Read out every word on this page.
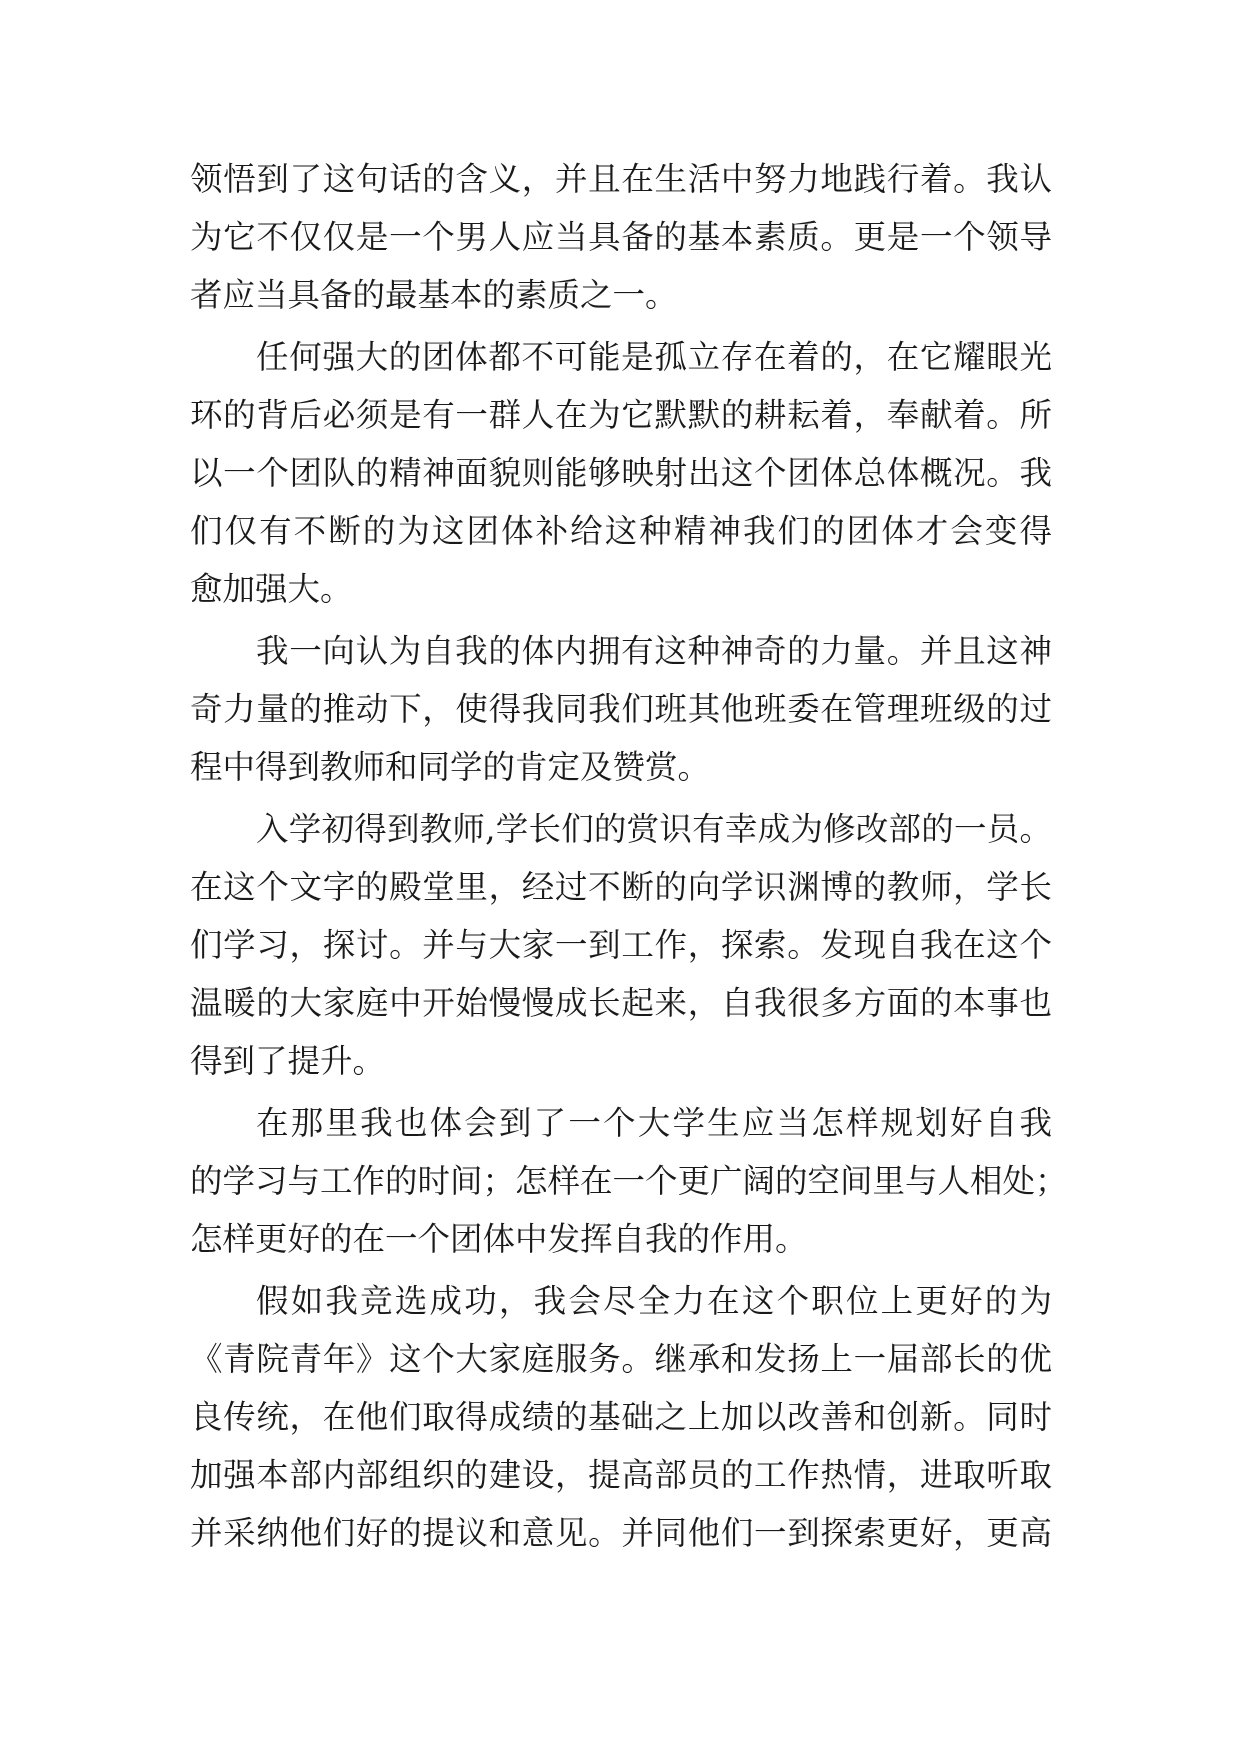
领悟到了这句话的含义，并且在生活中努力地践行着。我认
为它不仅仅是一个男人应当具备的基本素质。更是一个领导
者应当具备的最基本的素质之一。
任何强大的团体都不可能是孤立存在着的，在它耀眼光
环的背后必须是有一群人在为它默默的耕耘着，奉献着。所
以一个团队的精神面貌则能够映射出这个团体总体概况。我
们仅有不断的为这团体补给这种精神我们的团体才会变得
愈加强大。
我一向认为自我的体内拥有这种神奇的力量。并且这神
奇力量的推动下，使得我同我们班其他班委在管理班级的过
程中得到教师和同学的肯定及赞赏。
入学初得到教师,学长们的赏识有幸成为修改部的一员。
在这个文字的殿堂里，经过不断的向学识渊博的教师，学长
们学习，探讨。并与大家一到工作，探索。发现自我在这个
温暖的大家庭中开始慢慢成长起来，自我很多方面的本事也
得到了提升。
在那里我也体会到了一个大学生应当怎样规划好自我
的学习与工作的时间；怎样在一个更广阔的空间里与人相处；
怎样更好的在一个团体中发挥自我的作用。
假如我竞选成功，我会尽全力在这个职位上更好的为
《青院青年》这个大家庭服务。继承和发扬上一届部长的优
良传统，在他们取得成绩的基础之上加以改善和创新。同时
加强本部内部组织的建设，提高部员的工作热情，进取听取
并采纳他们好的提议和意见。并同他们一到探索更好，更高
